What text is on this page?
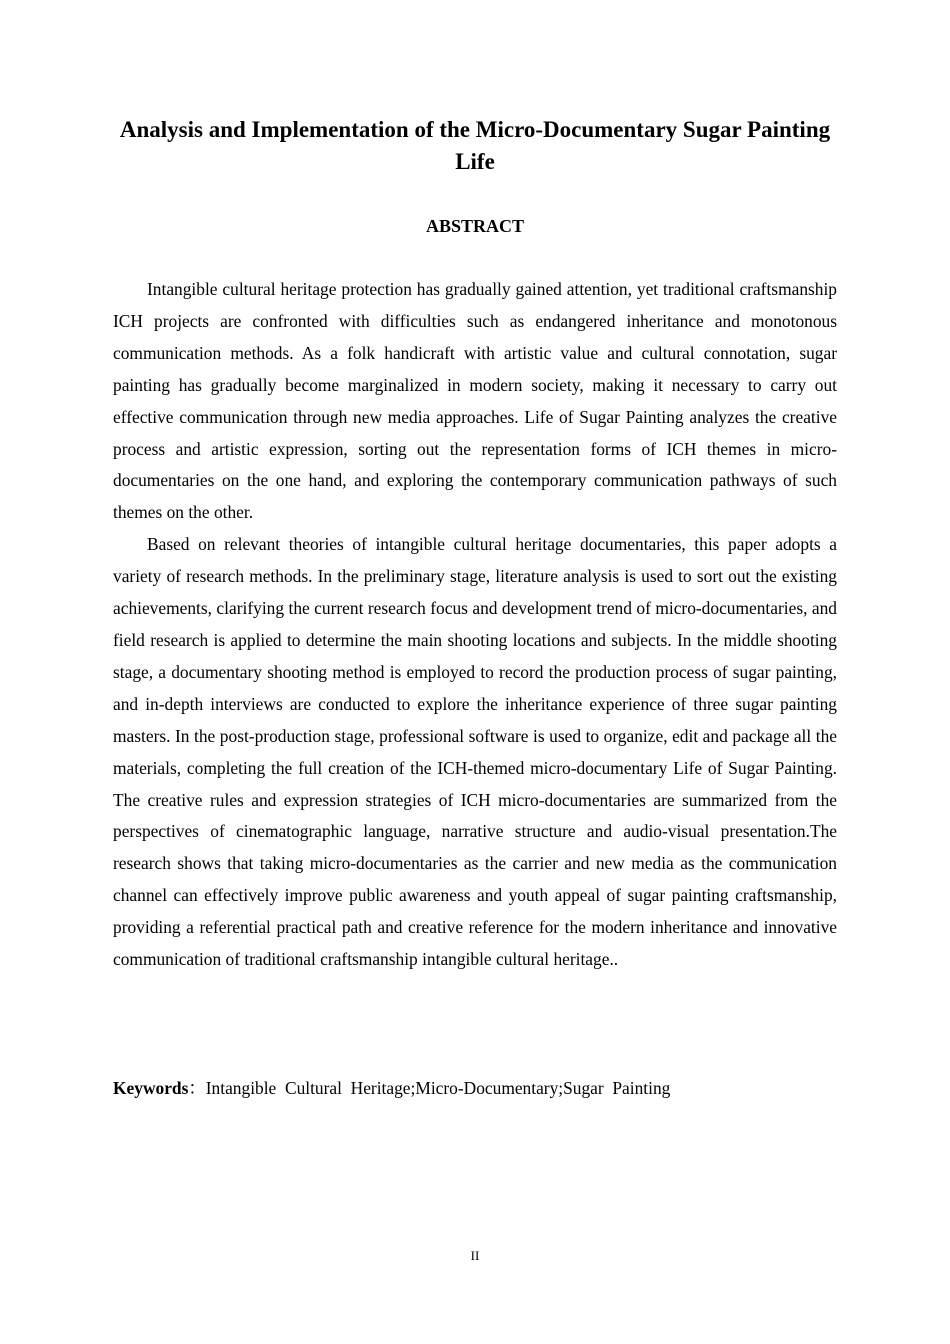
Analysis and Implementation of the Micro-Documentary Sugar Painting Life
ABSTRACT

Intangible cultural heritage protection has gradually gained attention, yet traditional craftsmanship ICH projects are confronted with difficulties such as endangered inheritance and monotonous communication methods. As a folk handicraft with artistic value and cultural connotation, sugar painting has gradually become marginalized in modern society, making it necessary to carry out effective communication through new media approaches. Life of Sugar Painting analyzes the creative process and artistic expression, sorting out the representation forms of ICH themes in micro-documentaries on the one hand, and exploring the contemporary communication pathways of such themes on the other.

Based on relevant theories of intangible cultural heritage documentaries, this paper adopts a variety of research methods. In the preliminary stage, literature analysis is used to sort out the existing achievements, clarifying the current research focus and development trend of micro-documentaries, and field research is applied to determine the main shooting locations and subjects. In the middle shooting stage, a documentary shooting method is employed to record the production process of sugar painting, and in-depth interviews are conducted to explore the inheritance experience of three sugar painting masters. In the post-production stage, professional software is used to organize, edit and package all the materials, completing the full creation of the ICH-themed micro-documentary Life of Sugar Painting. The creative rules and expression strategies of ICH micro-documentaries are summarized from the perspectives of cinematographic language, narrative structure and audio-visual presentation.The research shows that taking micro-documentaries as the carrier and new media as the communication channel can effectively improve public awareness and youth appeal of sugar painting craftsmanship, providing a referential practical path and creative reference for the modern inheritance and innovative communication of traditional craftsmanship intangible cultural heritage..

Keywords：Intangible  Cultural  Heritage;Micro-Documentary;Sugar  Painting

II
